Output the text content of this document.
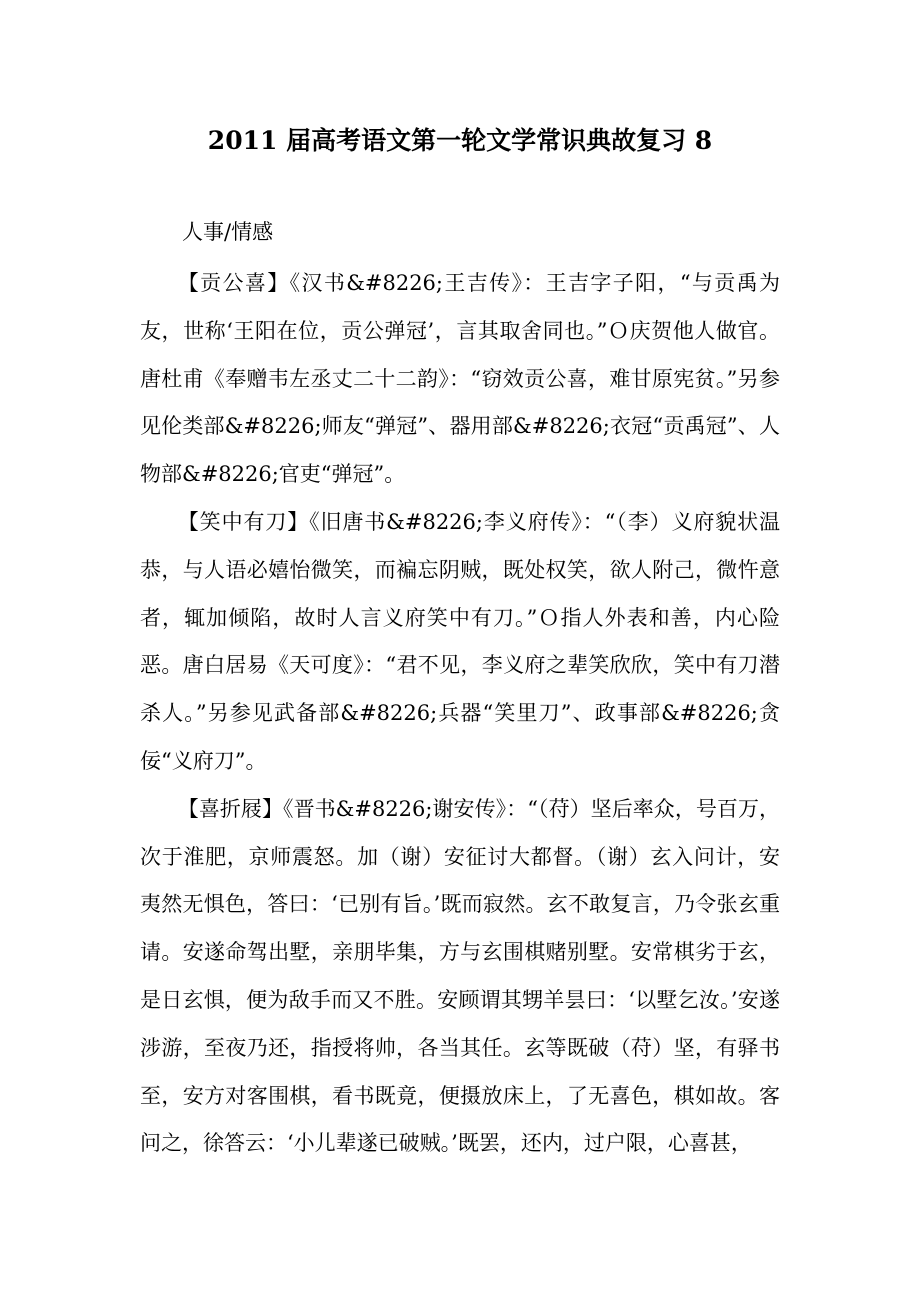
2011 届高考语文第一轮文学常识典故复习 8

人事/情感

【贡公喜】《汉书&#8226;王吉传》：王吉字子阳，“与贡禹为友，世称‘王阳在位，贡公弹冠’，言其取舍同也。”Ｏ庆贺他人做官。唐杜甫《奉赠韦左丞丈二十二韵》：“窃效贡公喜，难甘原宪贫。”另参见伦类部&#8226;师友“弹冠”、器用部&#8226;衣冠“贡禹冠”、人物部&#8226;官吏“弹冠”。

【笑中有刀】《旧唐书&#8226;李义府传》：“（李）义府貌状温恭，与人语必嬉怡微笑，而褊忘阴贼，既处权笑，欲人附己，微忤意者，辄加倾陷，故时人言义府笑中有刀。”Ｏ指人外表和善，内心险恶。唐白居易《天可度》：“君不见，李义府之辈笑欣欣，笑中有刀潜杀人。”另参见武备部&#8226;兵器“笑里刀”、政事部&#8226;贪佞“义府刀”。

【喜折屐】《晋书&#8226;谢安传》：“（苻）坚后率众，号百万，次于淮肥，京师震怒。加（谢）安征讨大都督。（谢）玄入问计，安夷然无惧色，答曰：‘已别有旨。’既而寂然。玄不敢复言，乃令张玄重请。安遂命驾出墅，亲朋毕集，方与玄围棋赌别墅。安常棋劣于玄，是日玄惧，便为敌手而又不胜。安顾谓其甥羊昙曰：‘以墅乞汝。’安遂涉游，至夜乃还，指授将帅，各当其任。玄等既破（苻）坚，有驿书至，安方对客围棋，看书既竟，便摄放床上，了无喜色，棋如故。客问之，徐答云：‘小儿辈遂已破贼。’既罢，还内，过户限，心喜甚，
